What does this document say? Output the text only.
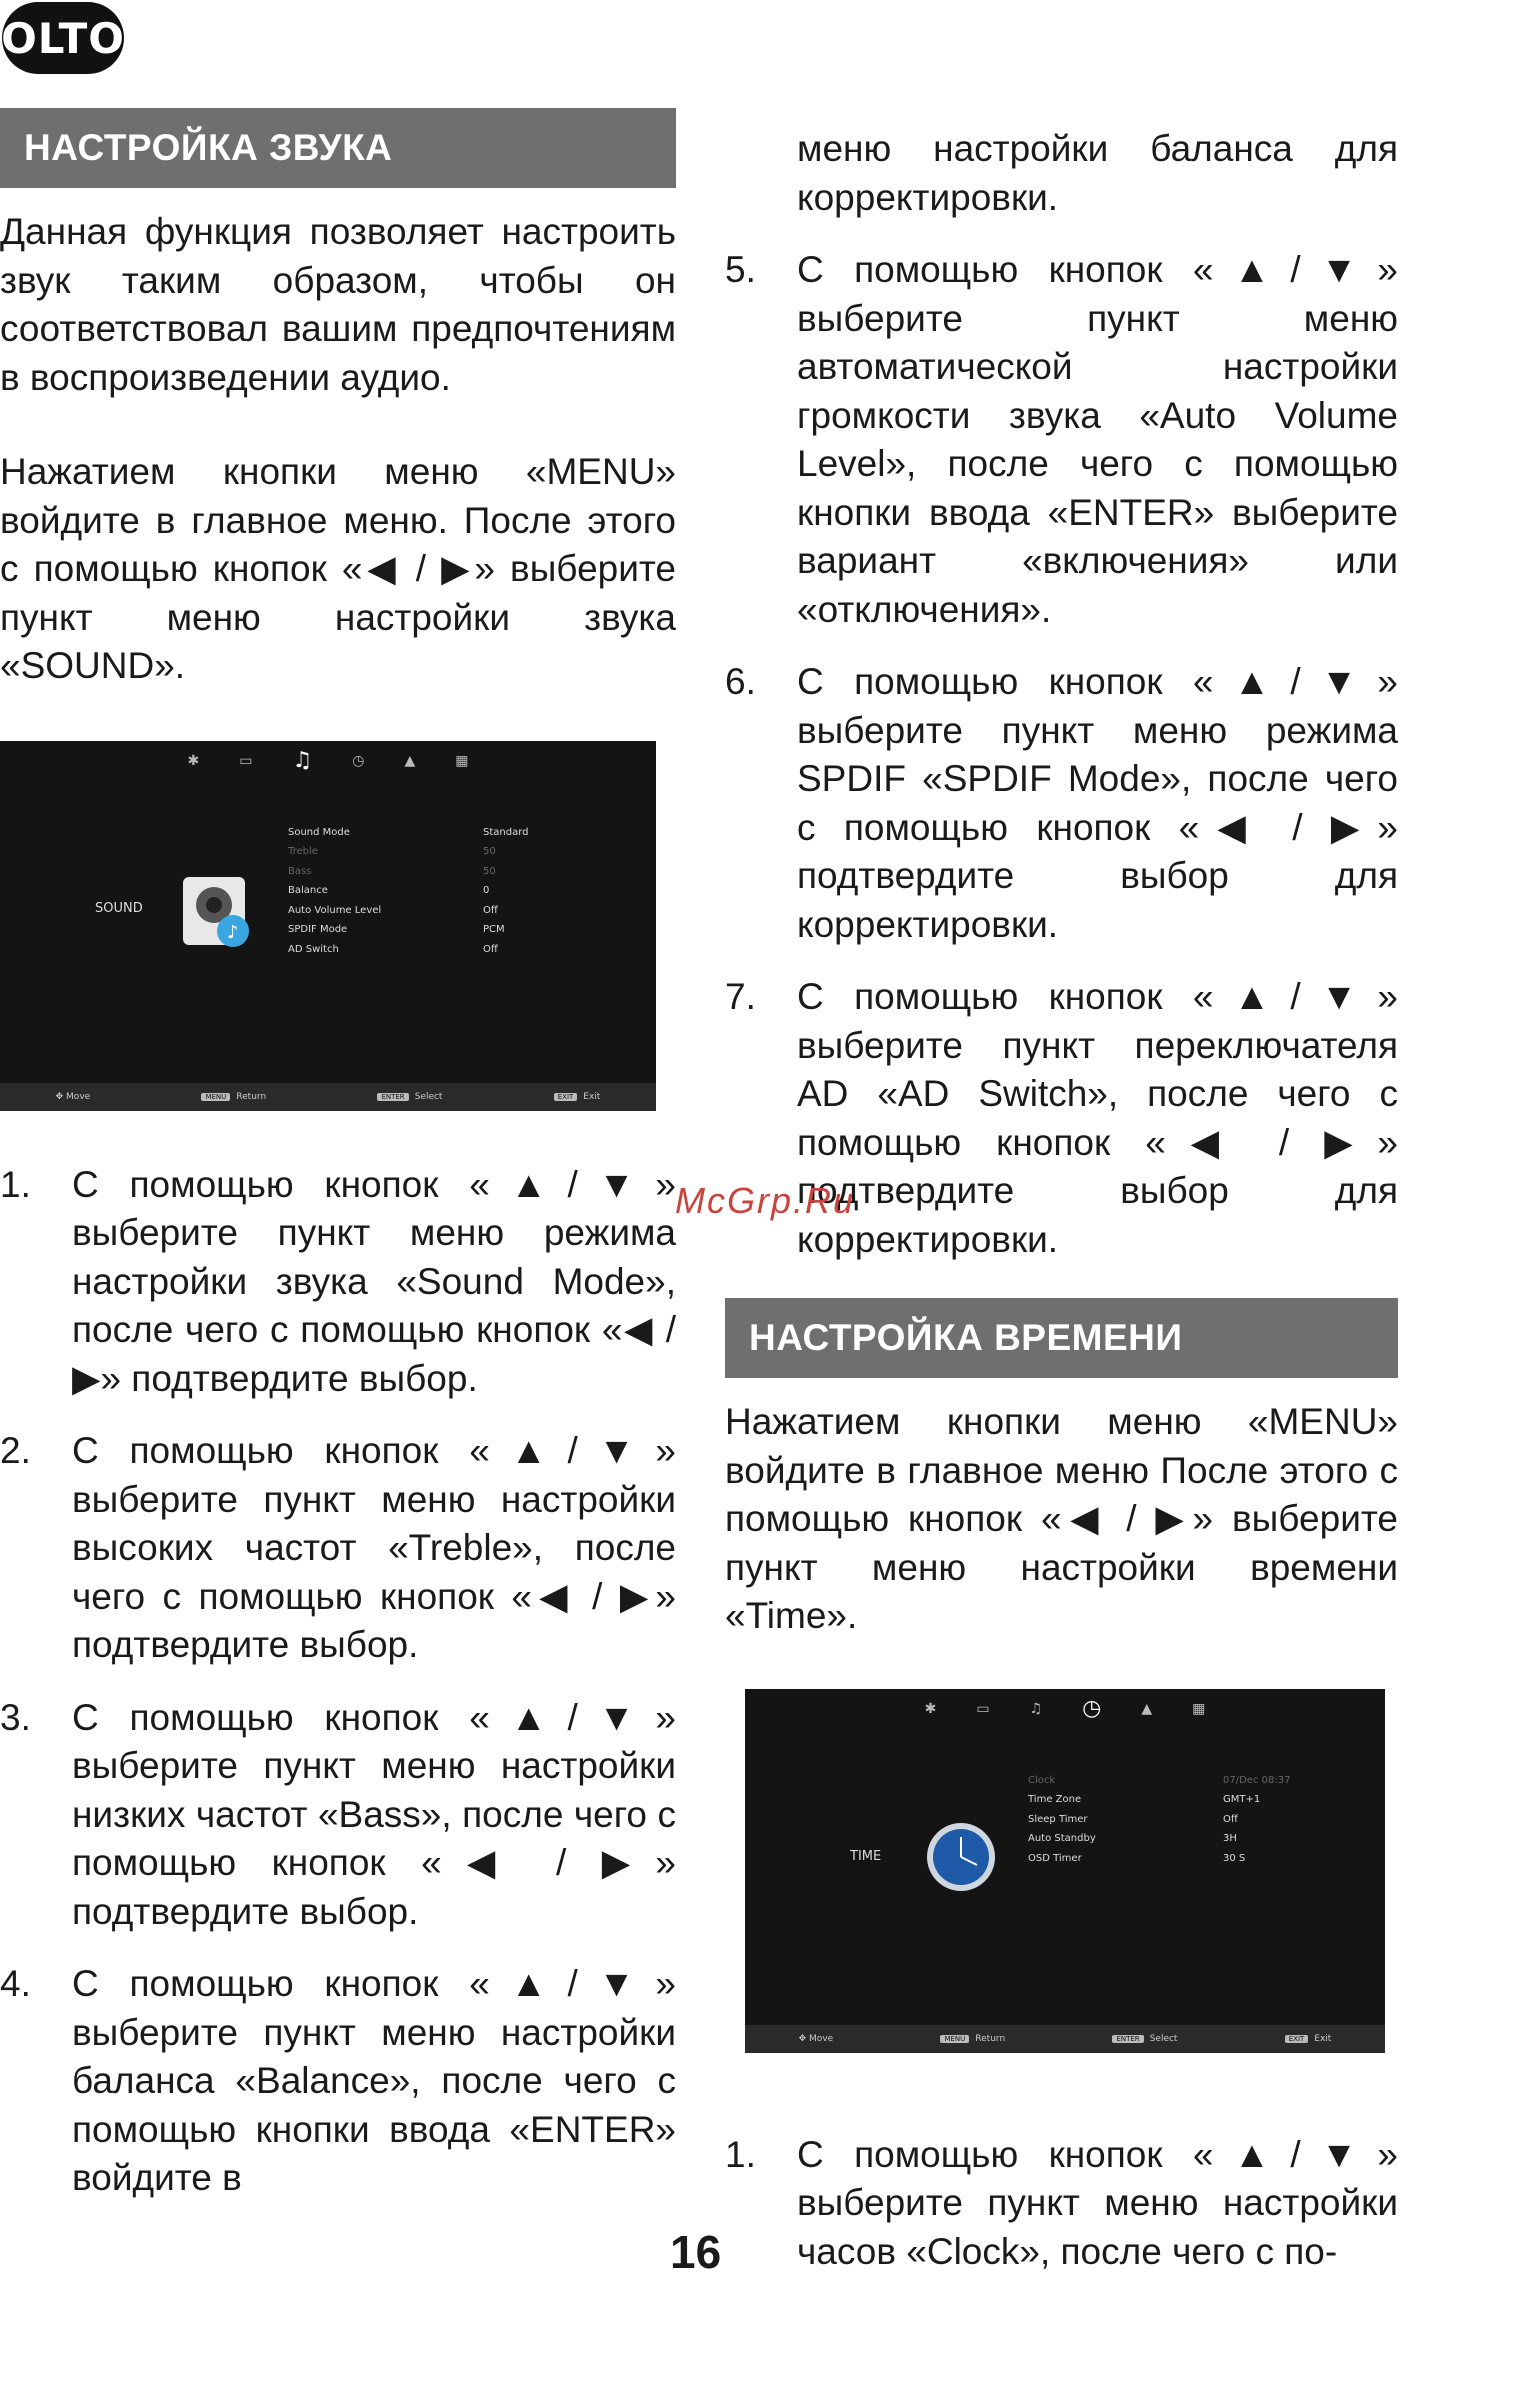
OLTO
НАСТРОЙКА ЗВУКА

Данная функция позволяет настроить звук таким образом, чтобы он соответствовал вашим предпочтениям в воспроизведении аудио.

Нажатием кнопки меню «MENU» войдите в главное меню. После этого с помощью кнопок «◀ / ▶» выберите пункт меню настройки звука «SOUND».

✱	▭ ♫	◷	▲	▦
SOUND
♪
Sound Mode	Standard
Treble	50
Bass	50
Balance	0
Auto Volume Level	Off
SPDIF Mode	PCM
AD Switch	Off
✥ Move	MENU Return	ENTER Select	EXIT Exit
1.	С помощью кнопок «▲/▼» выберите пункт меню режима настройки звука «Sound Mode», после чего с помощью кнопок «◀ / ▶» подтвердите выбор.
2.	С помощью кнопок «▲/▼» выберите пункт меню настройки высоких частот «Treble», после чего с помощью кнопок «◀ / ▶» подтвердите выбор.
3.	С помощью кнопок «▲/▼» выберите пункт меню настройки низких частот «Bass», после чего с помощью кнопок «◀ / ▶» подтвердите выбор.
4.	С помощью кнопок «▲/▼» выберите пункт меню настройки баланса «Balance», после чего с помощью кнопки ввода «ENTER» войдите в

меню настройки баланса для корректировки.

5.	С помощью кнопок «▲/▼» выберите пункт меню автоматической настройки громкости звука «Auto Volume Level», после чего с помощью кнопки ввода «ENTER» выберите вариант «включения» или «отключения».
6.	С помощью кнопок «▲/▼» выберите пункт меню режима SPDIF «SPDIF Mode», после чего с помощью кнопок «◀ / ▶» подтвердите выбор для корректировки.
7.	С помощью кнопок «▲/▼» выберите пункт переключателя AD «AD Switch», после чего с помощью кнопок «◀ / ▶» подтвердите выбор для корректировки.
НАСТРОЙКА ВРЕМЕНИ

Нажатием кнопки меню «MENU» войдите в главное меню После этого с помощью кнопок «◀ / ▶» выберите пункт меню настройки времени «Time».

✱	▭	♫ ◷	▲	▦
TIME
Clock	07/Dec 08:37
Time Zone	GMT+1
Sleep Timer	Off
Auto Standby	3H
OSD Timer	30 S
✥ Move	MENU Return	ENTER Select	EXIT Exit
1.	С помощью кнопок «▲/▼» выберите пункт меню настройки часов «Clock», после чего с по-
McGrp.Ru
16
